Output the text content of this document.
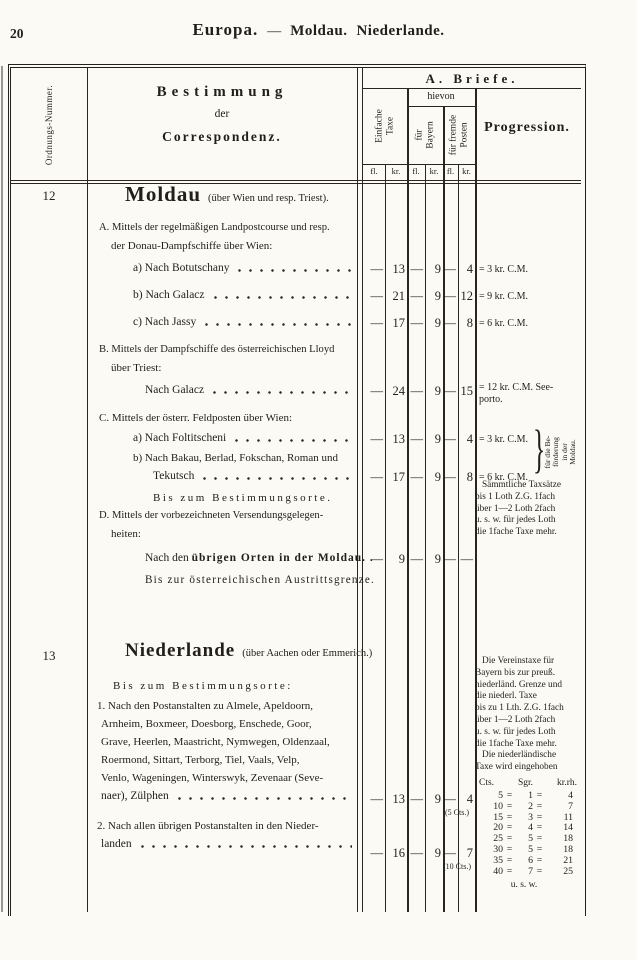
20	Europa. — Moldau. Niederlande.
Ordnungs-Nummer.	Bestimmung
der
Correspondenz.
A. Briefe.
Einfache Taxe
hievon
für Bayern für fremde Posten	Progression.
fl.	kr.	fl.	kr. fl. kr.
12	Moldau (über Wien und resp. Triest).
A. Mittels der regelmäßigen Landpostcourse und resp.
der Donau-Dampfschiffe über Wien:
a) Nach Botutschany	— 13 — 9 — 4 = 3 kr. C.M.
b) Nach Galacz	— 21 — 9 — 12 = 9 kr. C.M.
c) Nach Jassy	— 17 — 9 — 8 = 6 kr. C.M.
B. Mittels der Dampfschiffe des österreichischen Lloyd
über Triest:
Nach Galacz	— 24 — 9 — 15 = 12 kr. C.M. See-
porto.
C. Mittels der österr. Feldposten über Wien:
a) Nach Foltitscheni	— 13 — 9 — 4 = 3 kr. C.M.
b) Nach Bakau, Berlad, Fokschan, Roman und
Tekutsch	— 17 — 9 — 8 = 6 kr. C.M.
Bis zum Bestimmungsorte.
}
für die Be- förderung in der Moldau.
Sämmtliche Taxsätze
bis 1 Loth Z.G. 1fach
über 1—2 Loth 2fach
u. s. w. für jedes Loth
die 1fache Taxe mehr.
D. Mittels der vorbezeichneten Versendungsgelegen-
heiten:
Nach den
übrigen Orten in der Moldau. .
—	9 — 9 — —
Bis zur österreichischen Austrittsgrenze.
13	Niederlande (über Aachen oder Emmerich.)
Bis zum Bestimmungsorte:
1. Nach den Postanstalten zu Almele, Apeldoorn,
Arnheim, Boxmeer, Doesborg, Enschede, Goor,
Grave, Heerlen, Maastricht, Nymwegen, Oldenzaal,
Roermond, Sittart, Terborg, Tiel, Vaals, Velp,
Venlo, Wageningen, Winterswyk, Zevenaar (Seve-
naer), Zülphen	— 13 — 9 — 4
(5 Cts.)
2. Nach allen übrigen Postanstalten in den Nieder-
landen
— 16 — 9 — 7
(10 Cts.)
Die Vereinstaxe für
Bayern bis zur preuß.
niederländ. Grenze und
die niederl. Taxe
bis zu 1 Lth. Z.G. 1fach
über 1—2 Loth 2fach
u. s. w. für jedes Loth
die 1fache Taxe mehr.
Die niederländische
Taxe wird eingehoben
Cts.	Sgr.	kr.rh.
5 =	1 =	4
10 =	2 =	7
15 =	3 =	11
20 =	4 =	14
25 =	5 =	18
30 =	5 =	18
35 =	6 =	21
40 =	7 =	25
u. s. w.
